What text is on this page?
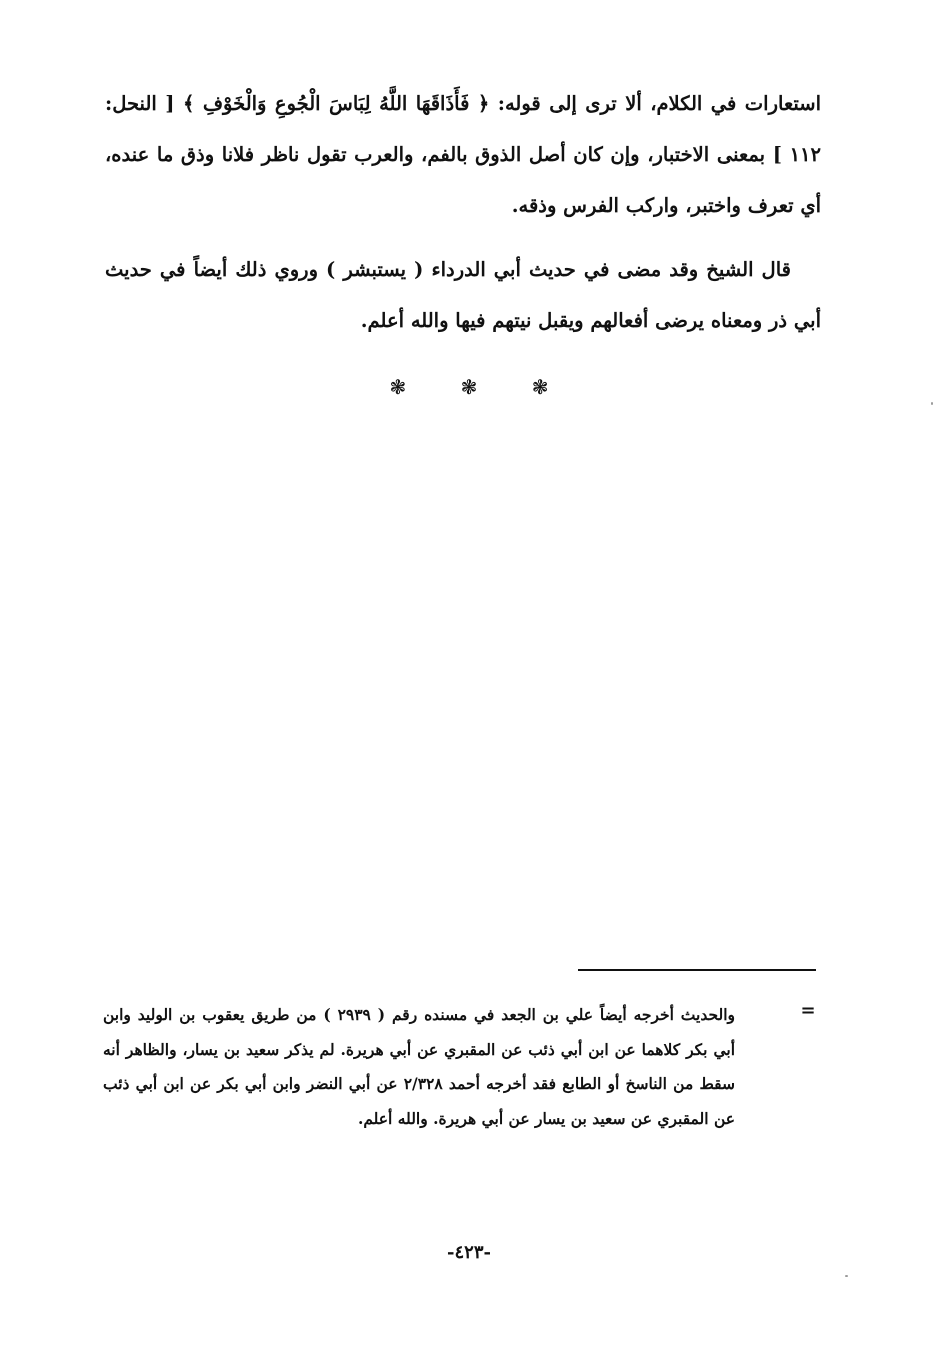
استعارات في الكلام، ألا ترى إلى قوله: ﴿ فَأَذَاقَهَا اللَّهُ لِبَاسَ الْجُوعِ وَالْخَوْفِ ﴾ [ النحل: ١١٢ ] بمعنى الاختبار، وإن كان أصل الذوق بالفم، والعرب تقول ناظر فلانا وذق ما عنده، أي تعرف واختبر، واركب الفرس وذقه.

قال الشيخ وقد مضى في حديث أبي الدرداء ( يستبشر ) وروي ذلك أيضاً في حديث أبي ذر ومعناه يرضى أفعالهم ويقبل نيتهم فيها والله أعلم.

❃	❃	❃
=

والحديث أخرجه أيضاً علي بن الجعد في مسنده رقم ( ٢٩٣٩ ) من طريق يعقوب بن الوليد وابن أبي بكر كلاهما عن ابن أبي ذئب عن المقبري عن أبي هريرة. لم يذكر سعيد بن يسار، والظاهر أنه سقط من الناسخ أو الطابع فقد أخرجه أحمد ٢/٣٢٨ عن أبي النضر وابن أبي بكر عن ابن أبي ذئب عن المقبري عن سعيد بن يسار عن أبي هريرة. والله أعلم.

-٤٢٣-
